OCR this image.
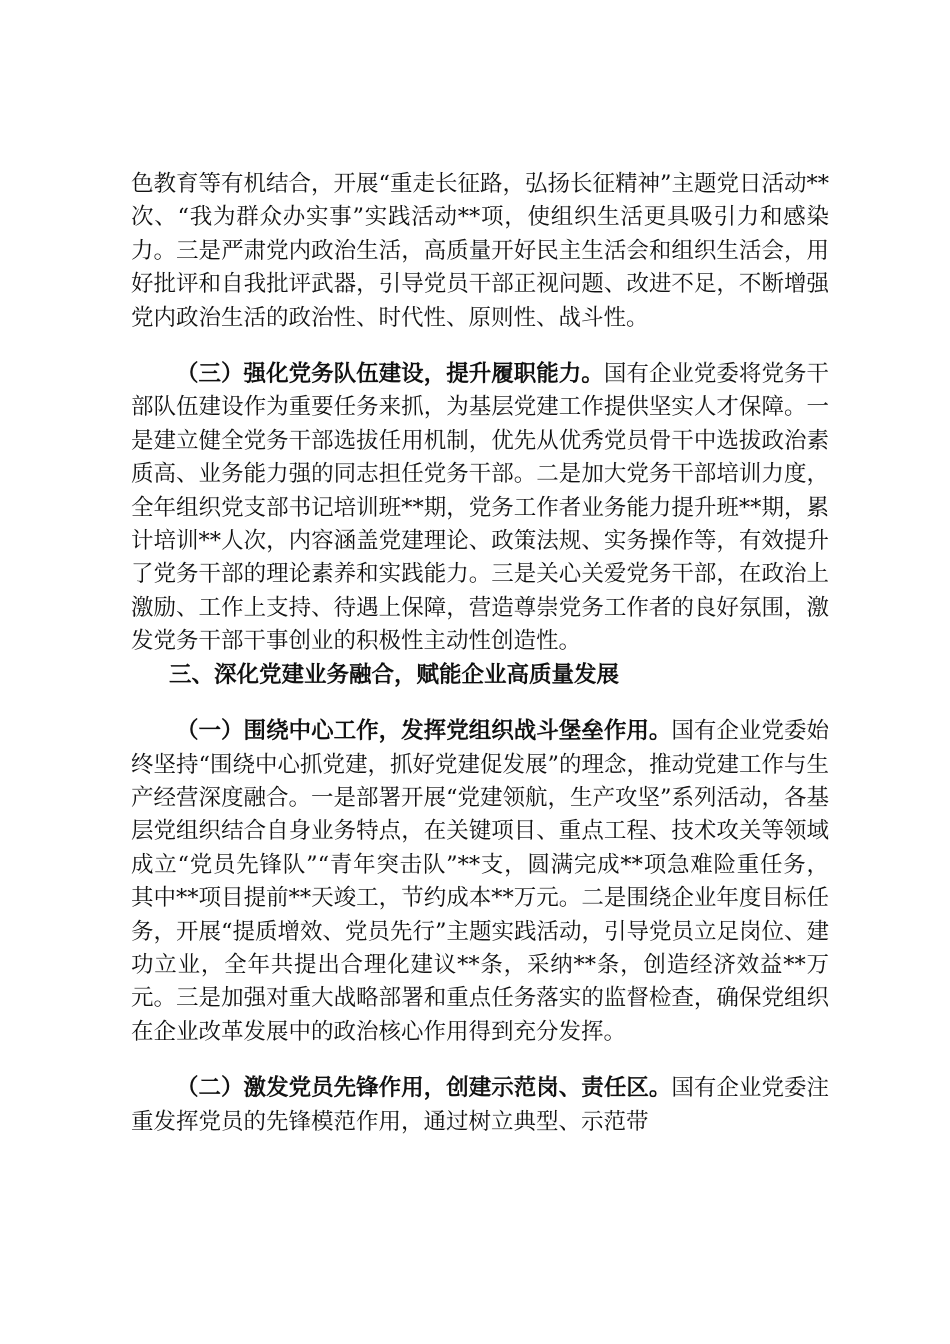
色教育等有机结合，开展“重走长征路，弘扬长征精神”主题党日活动**次、“我为群众办实事”实践活动**项，使组织生活更具吸引力和感染力。三是严肃党内政治生活，高质量开好民主生活会和组织生活会，用好批评和自我批评武器，引导党员干部正视问题、改进不足，不断增强党内政治生活的政治性、时代性、原则性、战斗性。

（三）强化党务队伍建设，提升履职能力。国有企业党委将党务干部队伍建设作为重要任务来抓，为基层党建工作提供坚实人才保障。一是建立健全党务干部选拔任用机制，优先从优秀党员骨干中选拔政治素质高、业务能力强的同志担任党务干部。二是加大党务干部培训力度，全年组织党支部书记培训班**期，党务工作者业务能力提升班**期，累计培训**人次，内容涵盖党建理论、政策法规、实务操作等，有效提升了党务干部的理论素养和实践能力。三是关心关爱党务干部，在政治上激励、工作上支持、待遇上保障，营造尊崇党务工作者的良好氛围，激发党务干部干事创业的积极性主动性创造性。

三、深化党建业务融合，赋能企业高质量发展

（一）围绕中心工作，发挥党组织战斗堡垒作用。国有企业党委始终坚持“围绕中心抓党建，抓好党建促发展”的理念，推动党建工作与生产经营深度融合。一是部署开展“党建领航，生产攻坚”系列活动，各基层党组织结合自身业务特点，在关键项目、重点工程、技术攻关等领域成立“党员先锋队”“青年突击队”**支，圆满完成**项急难险重任务，其中**项目提前**天竣工，节约成本**万元。二是围绕企业年度目标任务，开展“提质增效、党员先行”主题实践活动，引导党员立足岗位、建功立业，全年共提出合理化建议**条，采纳**条，创造经济效益**万元。三是加强对重大战略部署和重点任务落实的监督检查，确保党组织在企业改革发展中的政治核心作用得到充分发挥。

（二）激发党员先锋作用，创建示范岗、责任区。国有企业党委注重发挥党员的先锋模范作用，通过树立典型、示范带
